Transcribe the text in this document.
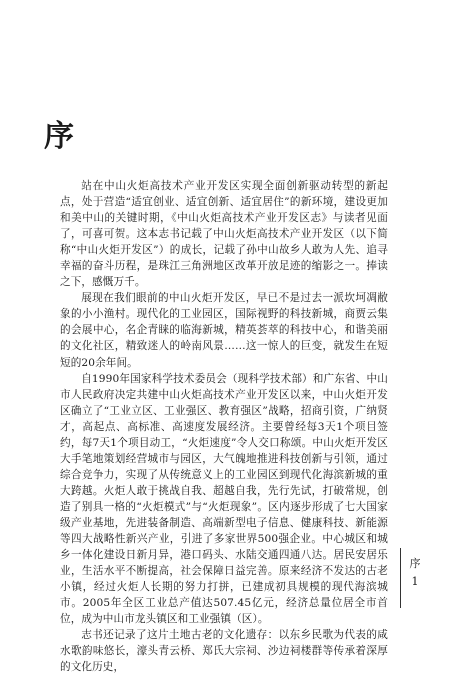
序

站在中山火炬高技术产业开发区实现全面创新驱动转型的新起点，处于营造“适宜创业、适宜创新、适宜居住”的新环境，建设更加和美中山的关键时期，《中山火炬高技术产业开发区志》与读者见面了，可喜可贺。这本志书记载了中山火炬高技术产业开发区（以下简称“中山火炬开发区”）的成长，记载了孙中山故乡人敢为人先、追寻幸福的奋斗历程，是珠江三角洲地区改革开放足迹的缩影之一。捧读之下，感慨万千。

展现在我们眼前的中山火炬开发区，早已不是过去一派坎坷凋敝象的小小渔村。现代化的工业园区，国际视野的科技新城，商贾云集的会展中心，名企青睐的临海新城，精英荟萃的科技中心，和谐美丽的文化社区，精致迷人的岭南风景……这一惊人的巨变，就发生在短短的20余年间。

自1990年国家科学技术委员会（现科学技术部）和广东省、中山市人民政府决定共建中山火炬高技术产业开发区以来，中山火炬开发区确立了“工业立区、工业强区、教育强区”战略，招商引资，广纳贤才，高起点、高标准、高速度发展经济。主要曾经每3天1个项目签约，每7天1个项目动工，“火炬速度”令人交口称颂。中山火炬开发区大手笔地策划经营城市与园区，大气魄地推进科技创新与引领，通过综合竞争力，实现了从传统意义上的工业园区到现代化海滨新城的重大跨越。火炬人敢于挑战自我、超越自我，先行先试，打破常规，创造了别具一格的“火炬模式”与“火炬现象”。区内逐步形成了七大国家级产业基地，先进装备制造、高端新型电子信息、健康科技、新能源等四大战略性新兴产业，引进了多家世界500强企业。中心城区和城乡一体化建设日新月异，港口码头、水陆交通四通八达。居民安居乐业，生活水平不断提高，社会保障日益完善。原来经济不发达的古老小镇，经过火炬人长期的努力打拼，已建成初具规模的现代海滨城市。2005年全区工业总产值达507.45亿元，经济总量位居全市首位，成为中山市龙头镇区和工业强镇（区）。

志书还记录了这片土地古老的文化遗存：以东乡民歌为代表的咸水歌韵味悠长，濠头青云桥、郑氏大宗祠、沙边祠楼群等传承着深厚的文化历史，

序
1
